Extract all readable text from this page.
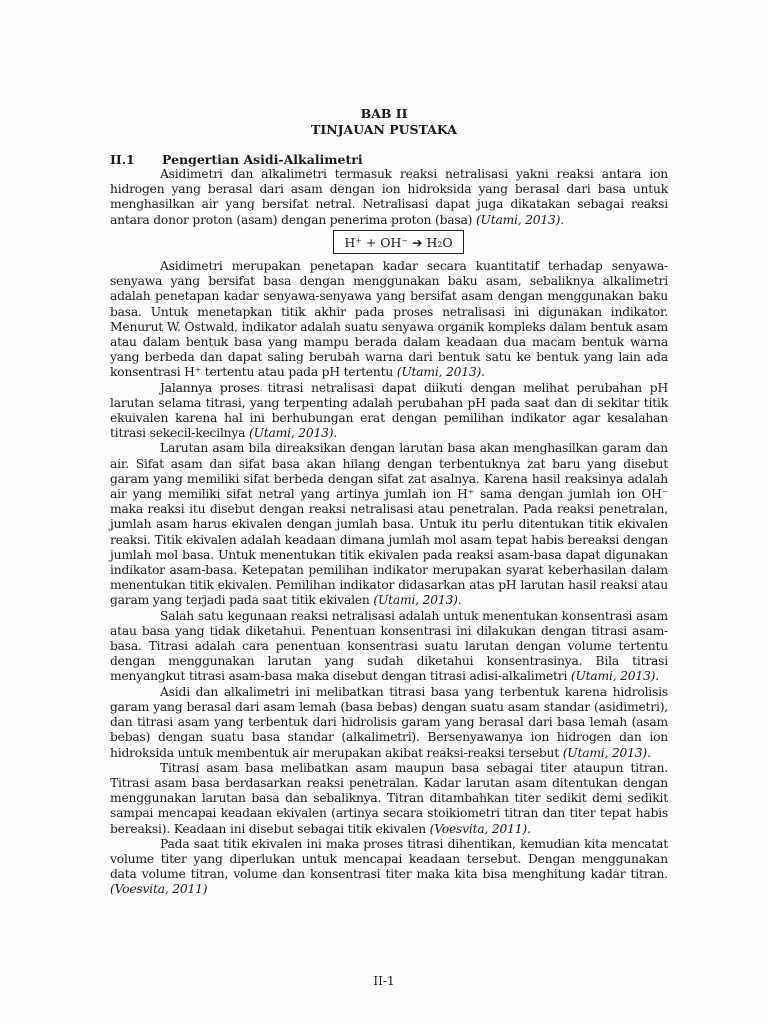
BAB II
TINJAUAN PUSTAKA
II.1 Pengertian Asidi-Alkalimetri

Asidimetri dan alkalimetri termasuk reaksi netralisasi yakni reaksi antara ion hidrogen yang berasal dari asam dengan ion hidroksida yang berasal dari basa untuk menghasilkan air yang bersifat netral. Netralisasi dapat juga dikatakan sebagai reaksi antara donor proton (asam) dengan penerima proton (basa) (Utami, 2013).

H⁺ + OH⁻
➔
H₂O

Asidimetri merupakan penetapan kadar secara kuantitatif terhadap senyawa-senyawa yang bersifat basa dengan menggunakan baku asam, sebaliknya alkalimetri adalah penetapan kadar senyawa-senyawa yang bersifat asam dengan menggunakan baku basa. Untuk menetapkan titik akhir pada proses netralisasi ini digunakan indikator. Menurut W. Ostwald, indikator adalah suatu senyawa organik kompleks dalam bentuk asam atau dalam bentuk basa yang mampu berada dalam keadaan dua macam bentuk warna yang berbeda dan dapat saling berubah warna dari bentuk satu ke bentuk yang lain ada konsentrasi H⁺ tertentu atau pada pH tertentu (Utami, 2013).

Jalannya proses titrasi netralisasi dapat diikuti dengan melihat perubahan pH larutan selama titrasi, yang terpenting adalah perubahan pH pada saat dan di sekitar titik ekuivalen karena hal ini berhubungan erat dengan pemilihan indikator agar kesalahan titrasi sekecil-kecilnya (Utami, 2013).

Larutan asam bila direaksikan dengan larutan basa akan menghasilkan garam dan air. Sifat asam dan sifat basa akan hilang dengan terbentuknya zat baru yang disebut garam yang memiliki sifat berbeda dengan sifat zat asalnya. Karena hasil reaksinya adalah air yang memiliki sifat netral yang artinya jumlah ion H⁺ sama dengan jumlah ion OH⁻ maka reaksi itu disebut dengan reaksi netralisasi atau penetralan. Pada reaksi penetralan, jumlah asam harus ekivalen dengan jumlah basa. Untuk itu perlu ditentukan titik ekivalen reaksi. Titik ekivalen adalah keadaan dimana jumlah mol asam tepat habis bereaksi dengan jumlah mol basa. Untuk menentukan titik ekivalen pada reaksi asam-basa dapat digunakan indikator asam-basa. Ketepatan pemilihan indikator merupakan syarat keberhasilan dalam menentukan titik ekivalen. Pemilihan indikator didasarkan atas pH larutan hasil reaksi atau garam yang terjadi pada saat titik ekivalen (Utami, 2013).

Salah satu kegunaan reaksi netralisasi adalah untuk menentukan konsentrasi asam atau basa yang tidak diketahui. Penentuan konsentrasi ini dilakukan dengan titrasi asam-basa. Titrasi adalah cara penentuan konsentrasi suatu larutan dengan volume tertentu dengan menggunakan larutan yang sudah diketahui konsentrasinya. Bila titrasi menyangkut titrasi asam-basa maka disebut dengan titrasi adisi-alkalimetri (Utami, 2013).

Asidi dan alkalimetri ini melibatkan titrasi basa yang terbentuk karena hidrolisis garam yang berasal dari asam lemah (basa bebas) dengan suatu asam standar (asidimetri), dan titrasi asam yang terbentuk dari hidrolisis garam yang berasal dari basa lemah (asam bebas) dengan suatu basa standar (alkalimetri). Bersenyawanya ion hidrogen dan ion hidroksida untuk membentuk air merupakan akibat reaksi-reaksi tersebut (Utami, 2013).

Titrasi asam basa melibatkan asam maupun basa sebagai titer ataupun titran. Titrasi asam basa berdasarkan reaksi penetralan. Kadar larutan asam ditentukan dengan menggunakan larutan basa dan sebaliknya. Titran ditambahkan titer sedikit demi sedikit sampai mencapai keadaan ekivalen (artinya secara stoikiometri titran dan titer tepat habis bereaksi). Keadaan ini disebut sebagai titik ekivalen (Voesvita, 2011).

Pada saat titik ekivalen ini maka proses titrasi dihentikan, kemudian kita mencatat volume titer yang diperlukan untuk mencapai keadaan tersebut. Dengan menggunakan data volume titran, volume dan konsentrasi titer maka kita bisa menghitung kadar titran. (Voesvita, 2011)

II-1
